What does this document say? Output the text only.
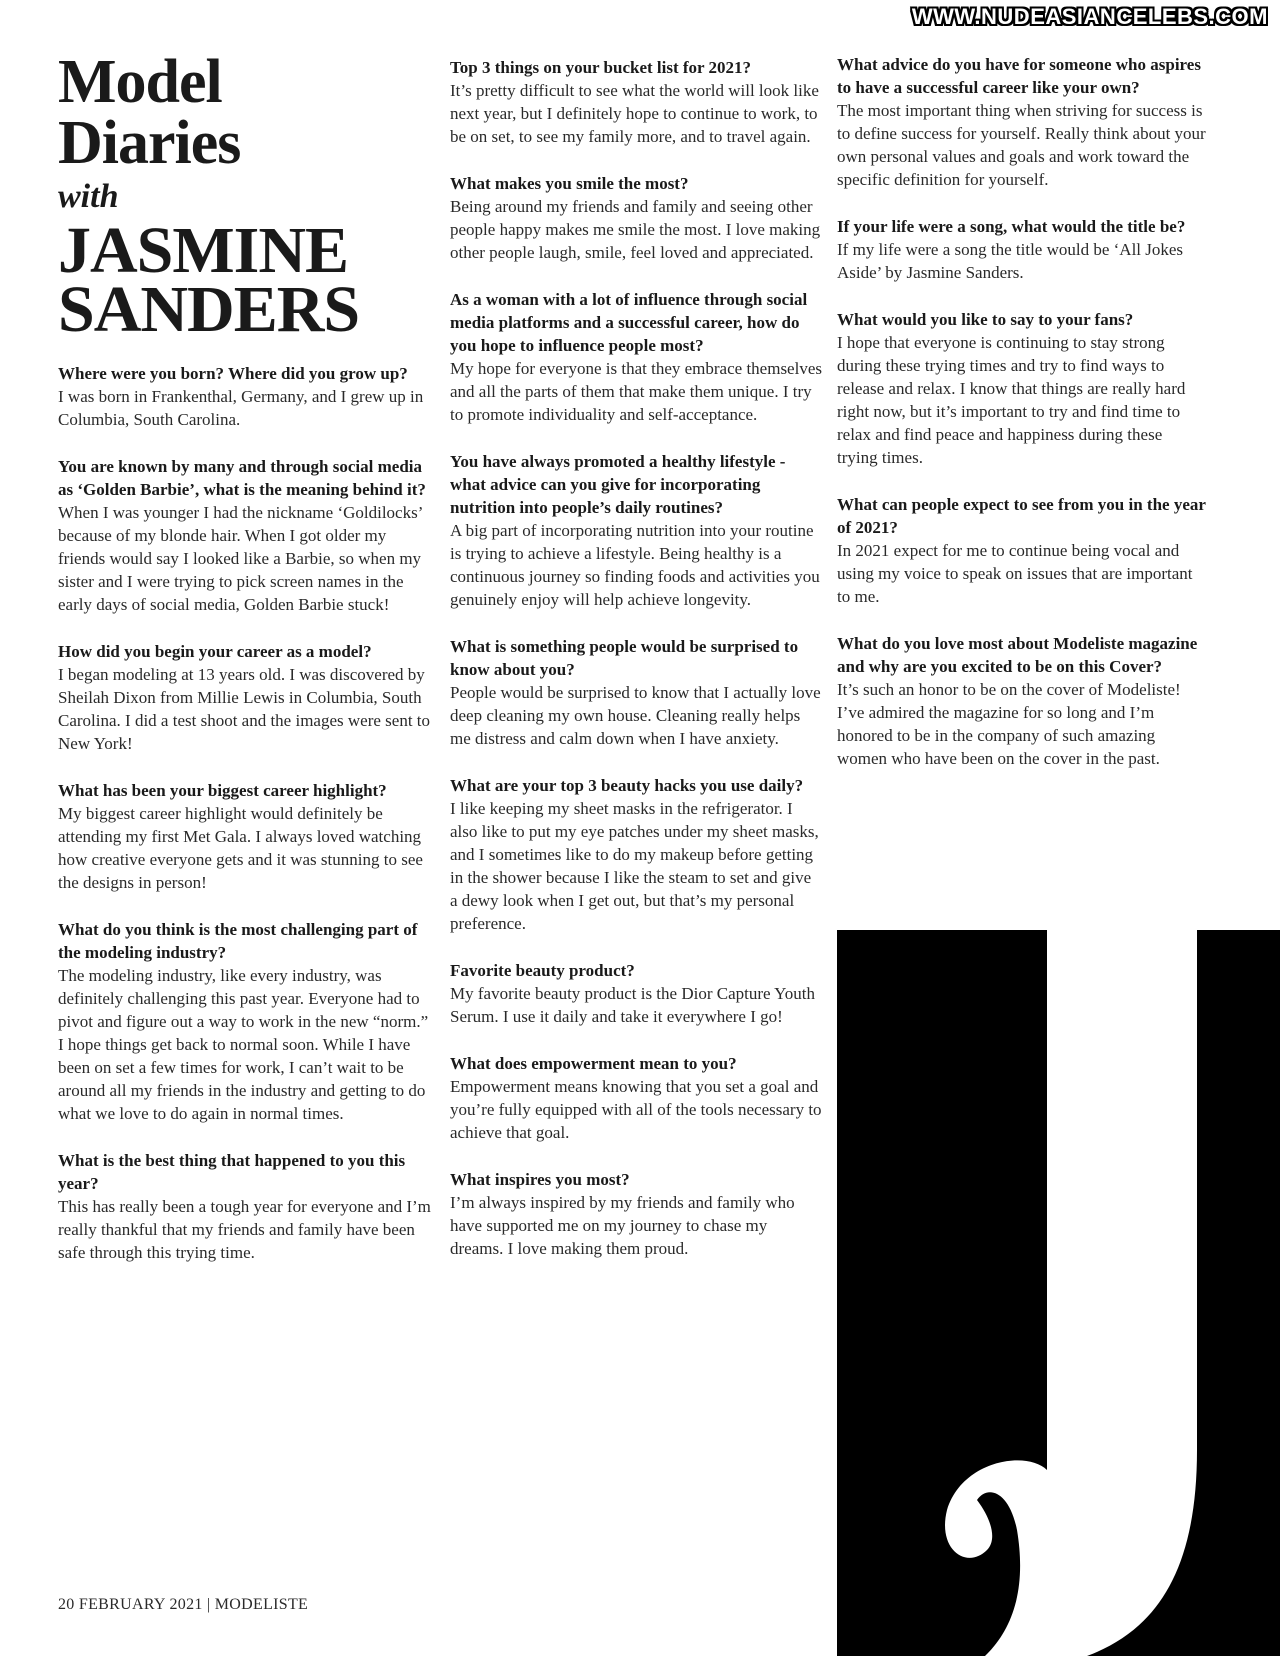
WWW.NUDEASIANCELEBS.COM
Model
Diaries
with
JASMINE
SANDERS

Where were you born? Where did you grow up?

I was born in Frankenthal, Germany, and I grew up in Columbia, South Carolina.

You are known by many and through social media as ‘Golden Barbie’, what is the meaning behind it?

When I was younger I had the nickname ‘Goldilocks’ because of my blonde hair. When I got older my friends would say I looked like a Barbie, so when my sister and I were trying to pick screen names in the early days of social media, Golden Barbie stuck!

How did you begin your career as a model?

I began modeling at 13 years old. I was discovered by Sheilah Dixon from Millie Lewis in Columbia, South Carolina. I did a test shoot and the images were sent to New York!

What has been your biggest career highlight?

My biggest career highlight would definitely be attending my first Met Gala. I always loved watching how creative everyone gets and it was stunning to see the designs in person!

What do you think is the most challenging part of the modeling industry?

The modeling industry, like every industry, was definitely challenging this past year. Everyone had to pivot and figure out a way to work in the new “norm.” I hope things get back to normal soon. While I have been on set a few times for work, I can’t wait to be around all my friends in the industry and getting to do what we love to do again in normal times.

What is the best thing that happened to you this year?

This has really been a tough year for everyone and I’m really thankful that my friends and family have been safe through this trying time.

Top 3 things on your bucket list for 2021?

It’s pretty difficult to see what the world will look like next year, but I definitely hope to continue to work, to be on set, to see my family more, and to travel again.

What makes you smile the most?

Being around my friends and family and seeing other people happy makes me smile the most. I love making other people laugh, smile, feel loved and appreciated.

As a woman with a lot of influence through social media platforms and a successful career, how do you hope to influence people most?

My hope for everyone is that they embrace themselves and all the parts of them that make them unique. I try to promote individuality and self-acceptance.

You have always promoted a healthy lifestyle - what advice can you give for incorporating nutrition into people’s daily routines?

A big part of incorporating nutrition into your routine is trying to achieve a lifestyle. Being healthy is a continuous journey so finding foods and activities you genuinely enjoy will help achieve longevity.

What is something people would be surprised to know about you?

People would be surprised to know that I actually love deep cleaning my own house. Cleaning really helps me distress and calm down when I have anxiety.

What are your top 3 beauty hacks you use daily?

I like keeping my sheet masks in the refrigerator. I also like to put my eye patches under my sheet masks, and I sometimes like to do my makeup before getting in the shower because I like the steam to set and give a dewy look when I get out, but that’s my personal preference.

Favorite beauty product?

My favorite beauty product is the Dior Capture Youth Serum. I use it daily and take it everywhere I go!

What does empowerment mean to you?

Empowerment means knowing that you set a goal and you’re fully equipped with all of the tools necessary to achieve that goal.

What inspires you most?

I’m always inspired by my friends and family who have supported me on my journey to chase my dreams. I love making them proud.

What advice do you have for someone who aspires to have a successful career like your own?

The most important thing when striving for success is to define success for yourself. Really think about your own personal values and goals and work toward the specific definition for yourself.

If your life were a song, what would the title be?

If my life were a song the title would be ‘All Jokes Aside’ by Jasmine Sanders.

What would you like to say to your fans?

I hope that everyone is continuing to stay strong during these trying times and try to find ways to release and relax. I know that things are really hard right now, but it’s important to try and find time to relax and find peace and happiness during these trying times.

What can people expect to see from you in the year of 2021?

In 2021 expect for me to continue being vocal and using my voice to speak on issues that are important to me.

What do you love most about Modeliste magazine and why are you excited to be on this Cover?

It’s such an honor to be on the cover of Modeliste! I’ve admired the magazine for so long and I’m honored to be in the company of such amazing women who have been on the cover in the past.

20 FEBRUARY 2021 | MODELISTE
